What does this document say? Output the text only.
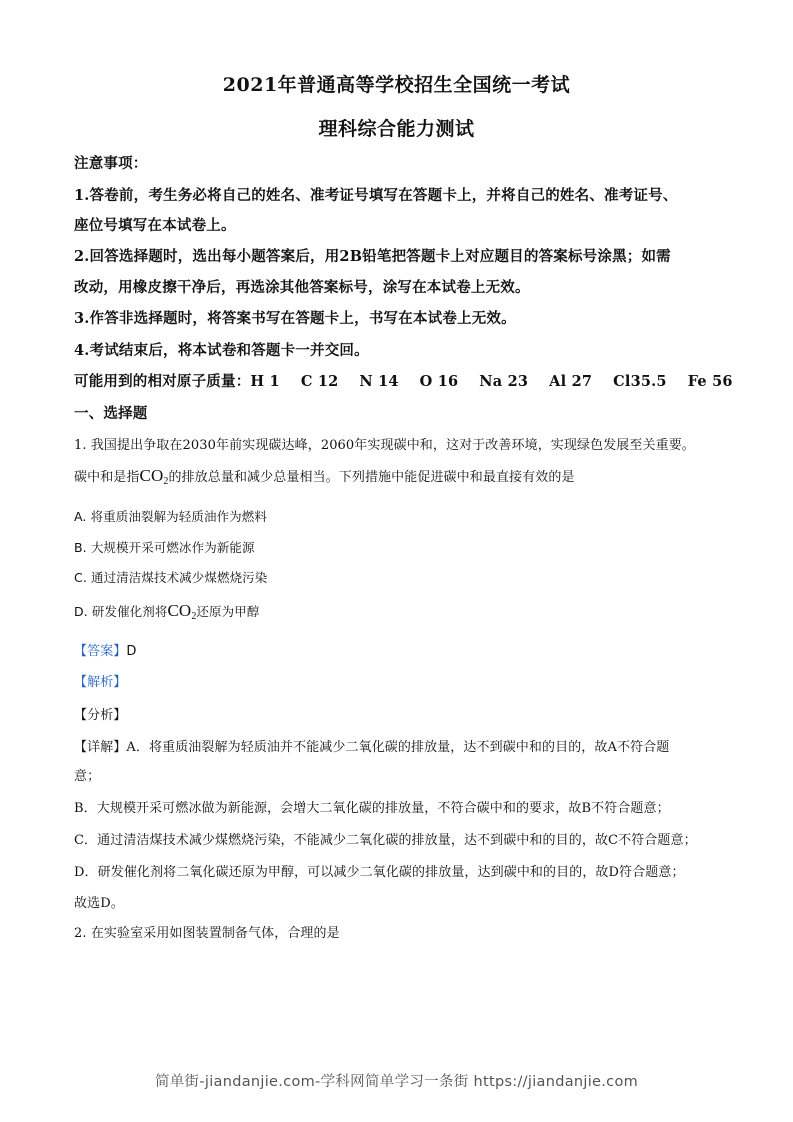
2021年普通高等学校招生全国统一考试
理科综合能力测试
注意事项：
1.答卷前，考生务必将自己的姓名、准考证号填写在答题卡上，并将自己的姓名、准考证号、
座位号填写在本试卷上。
2.回答选择题时，选出每小题答案后，用2B铅笔把答题卡上对应题目的答案标号涂黑；如需
改动，用橡皮擦干净后，再选涂其他答案标号，涂写在本试卷上无效。
3.作答非选择题时，将答案书写在答题卡上，书写在本试卷上无效。
4.考试结束后，将本试卷和答题卡一并交回。
可能用到的相对原子质量：H 1    C 12    N 14    O 16    Na 23    Al 27    Cl35.5    Fe 56
一、选择题
1. 我国提出争取在2030年前实现碳达峰，2060年实现碳中和，这对于改善环境，实现绿色发展至关重要。
碳中和是指$CO_2$的排放总量和减少总量相当。下列措施中能促进碳中和最直接有效的是
A. 将重质油裂解为轻质油作为燃料
B. 大规模开采可燃冰作为新能源
C. 通过清洁煤技术减少煤燃烧污染
D. 研发催化剂将$CO_2$还原为甲醇
【答案】D
【解析】
【分析】
【详解】A．将重质油裂解为轻质油并不能减少二氧化碳的排放量，达不到碳中和的目的，故A不符合题
意；
B．大规模开采可燃冰做为新能源，会增大二氧化碳的排放量，不符合碳中和的要求，故B不符合题意；
C．通过清洁煤技术减少煤燃烧污染，不能减少二氧化碳的排放量，达不到碳中和的目的，故C不符合题意；
D．研发催化剂将二氧化碳还原为甲醇，可以减少二氧化碳的排放量，达到碳中和的目的，故D符合题意；
故选D。
2. 在实验室采用如图装置制备气体，合理的是
简单街-jiandanjie.com-学科网简单学习一条街 https://jiandanjie.com
